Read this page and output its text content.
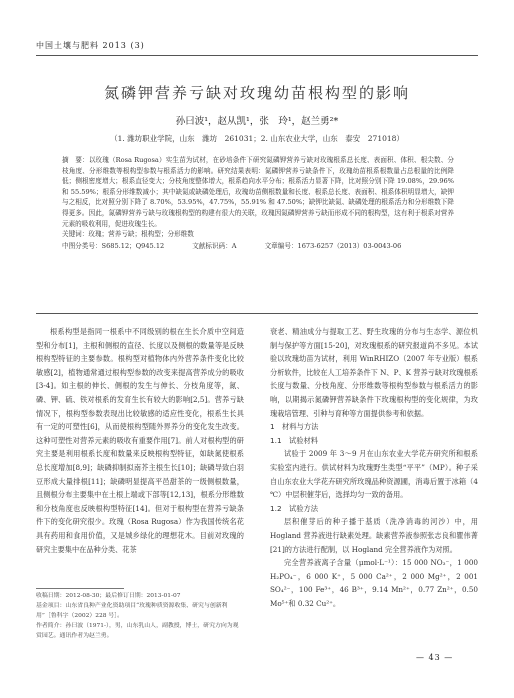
中国土壤与肥料 2013 (3)
氮磷钾营养亏缺对玫瑰幼苗根构型的影响
孙曰波¹，赵从凯¹，张　玲¹，赵兰勇²*
（1. 潍坊职业学院，山东　潍坊　261031；2. 山东农业大学，山东　泰安　271018）

摘　要：以玫瑰（Rosa Rugosa）实生苗为试材，在砂培条件下研究氮磷钾营养亏缺对玫瑰根系总长度、表面积、体积、根尖数、分枝角度、分形维数等根构型参数与根系活力的影响。研究结果表明：氮磷钾营养亏缺条件下，玫瑰幼苗根系根数量占总根量的比例降低；侧根密度增大；根系直径变大；分枝角度整体增大，根系趋向水平分布；根系活力显著下降，比对照分别下降 19.08%，29.96% 和 55.59%；根系分形维数减小；其中缺氮或缺磷处理后，玫瑰幼苗侧根数量和长度、根系总长度、表面积、根系体积明显增大，缺钾与之相反，比对照分别下降了 8.70%，53.95%，47.75%，55.91% 和 47.50%；缺钾比缺氮、缺磷处理的根系活力和分形维数下降得更多。因此，氮磷钾营养亏缺与玫瑰根构型的构建有很大的关联，玫瑰因氮磷钾营养亏缺而形成不同的根构型，这有利于根系对营养元素的吸收利用，促进玫瑰生长。

关键词：玫瑰；营养亏缺；根构型；分形维数

中图分类号：S685.12；Q945.12	文献标识码：A	文章编号：1673-6257（2013）03-0043-06

根系构型是指同一根系中不同级别的根在生长介质中空间造型和分布[1]，主根和侧根的直径、长度以及侧根的数量等是反映根构型特征的主要参数。根构型对植物体内外营养条件变化比较敏感[2]，植物通常通过根构型参数的改变来提高营养成分的吸收[3-4]。如主根的伸长、侧根的发生与伸长、分枝角度等，氮、磷、钾、硫、铁对根系的发育生长有较大的影响[2,5]。营养亏缺情况下，根构型参数表现出比较敏感的适应性变化，根系生长具有一定的可塑性[6]，从而使根构型随外界养分的变化发生改变。这种可塑性对营养元素的吸收有重要作用[7]。前人对根构型的研究主要是利用根系长度和数量来反映根构型特征，如缺氮使根系总长度增加[8,9]；缺磷抑制拟南芥主根生长[10]；缺磷导致白羽豆形成大量排根[11]；缺磷明显提高平邑甜茶的一级侧根数量，且侧根分布主要集中在土根上端或下部等[12,13]，根系分形维数和分枝角度也反映根构型特征[14]。但对于根构型在营养亏缺条件下的变化研究很少。玫瑰（Rosa Rugosa）作为我国传统名花具有药用和食用价值，又是城乡绿化的理想花木。目前对玫瑰的研究主要集中在品种分类、花茶

衰老、精油成分与提取工艺、野生玫瑰的分布与生态学、源位机制与保护等方面[15-20]，对玫瑰根系的研究报道尚不多见。本试验以玫瑰幼苗为试材，利用 WinRHIZO（2007 年专业版）根系分析软件，比较在人工培养条件下 N、P、K 营养亏缺对玫瑰根系长度与数量、分枝角度、分形维数等根构型参数与根系活力的影响，以期揭示氮磷钾营养缺条件下玫瑰根构型的变化规律，为玫瑰栽培管理、引种与育种等方面提供参考和依据。

1　材料与方法

1.1　试验材料

试验于 2009 年 3～9 月在山东农业大学花卉研究所和根系实验室内进行。供试材料为玫瑰野生类型“平平”（MP）。种子采自山东农业大学花卉研究所玫瑰品种资源圃，消毒后置于冰箱（4 ℃）中层积催芽后，选择均匀一致的备用。

1.2　试验方法

层积催芽后的种子播于基质（洗净消毒的河沙）中，用 Hogland 营养液进行缺素处理。缺素营养液参照张志良和瞿伟菁[21]的方法进行配制，以 Hogland 完全营养液作为对照。

完全营养液离子含量（μmol·L⁻¹）：15 000 NO₃⁻，1 000 H₂PO₄⁻，6 000 K⁺，5 000 Ca²⁺，2 000 Mg²⁺，2 001 SO₄²⁻，100 Fe³⁺，46 B³⁺，9.14 Mn²⁺，0.77 Zn²⁺，0.50 Mo⁵⁺和 0.32 Cu²⁺。

收稿日期：2012-08-30；最后修订日期：2013-01-07

基金项目：山东省良种产业化资助项目“玫瑰种质资源收集、研究与创新利用”［鲁科字（2002）228 号］。

作者简介：孙曰波（1971-），男，山东乳山人，副教授，博士，研究方向为观赏园艺。通讯作者为赵兰勇。

— 43 —
